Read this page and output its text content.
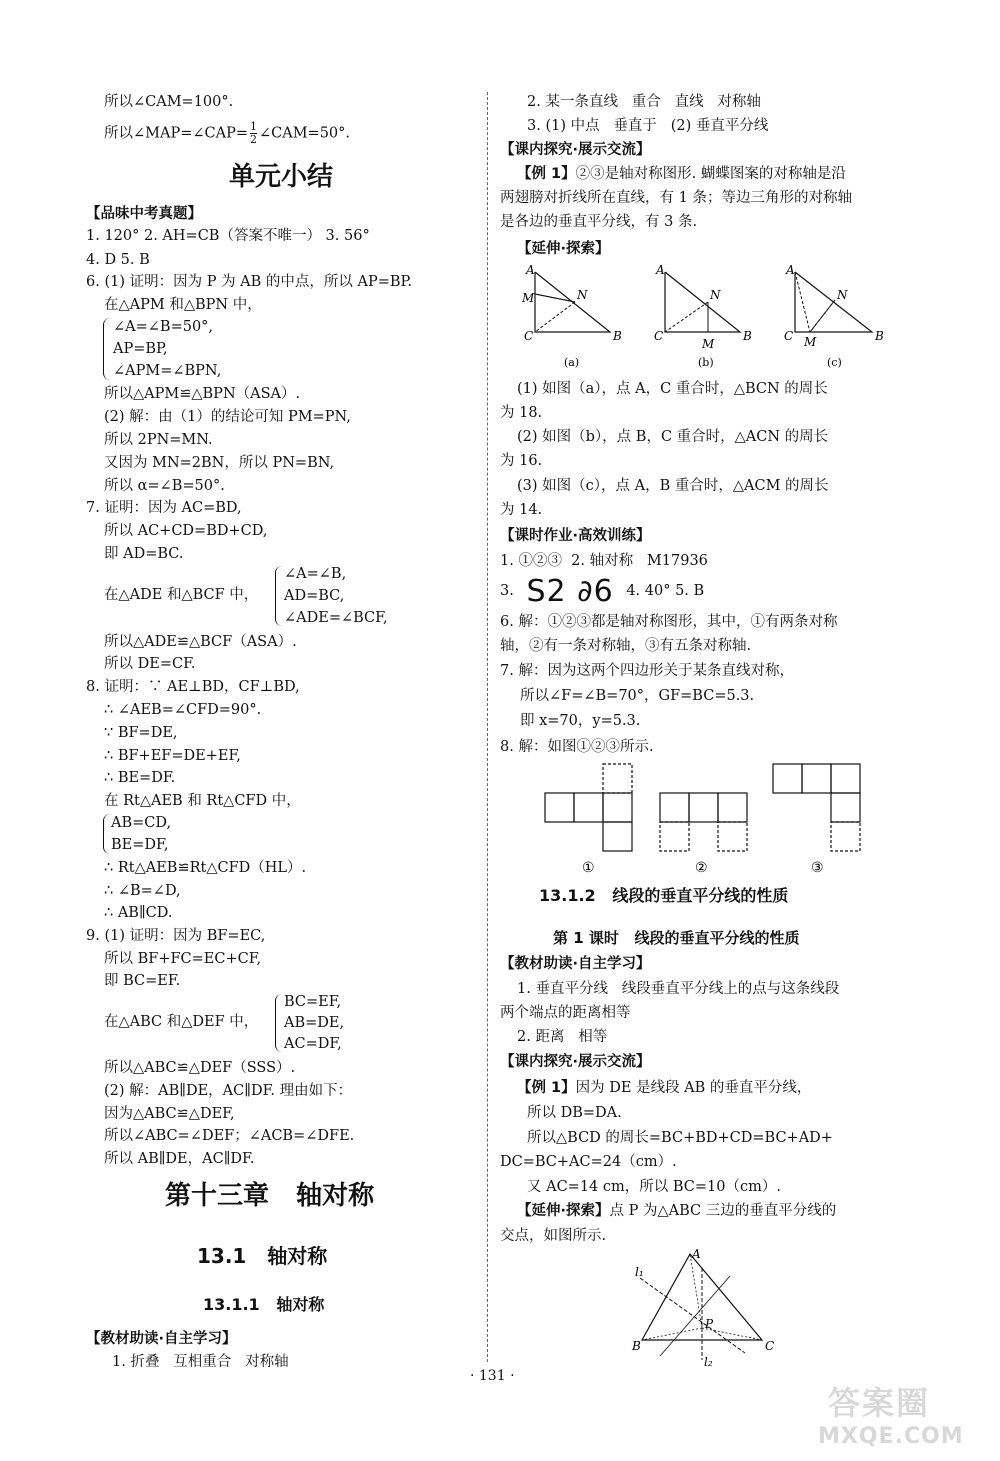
所以∠CAM=100°.
所以∠MAP=∠CAP= $\frac{1}{2}$ ∠CAM=50°.
单元小结
【品味中考真题】
1. 120° 2. AH=CB（答案不唯一） 3. 56°
4. D 5. B
6. (1) 证明：因为 P 为 AB 的中点，所以 AP=BP.
在△APM 和△BPN 中，
∠A=∠B=50°,
AP=BP,
∠APM=∠BPN,
所以△APM≌△BPN（ASA）.
(2) 解：由（1）的结论可知 PM=PN,
所以 2PN=MN.
又因为 MN=2BN，所以 PN=BN,
所以 α=∠B=50°.
7. 证明：因为 AC=BD,
所以 AC+CD=BD+CD,
即 AD=BC.
在△ADE 和△BCF 中，
∠A=∠B,
AD=BC,
∠ADE=∠BCF,
所以△ADE≌△BCF（ASA）.
所以 DE=CF.
8. 证明：∵ AE⊥BD，CF⊥BD,
∴ ∠AEB=∠CFD=90°.
∵ BF=DE,
∴ BF+EF=DE+EF,
∴ BE=DF.
在 Rt△AEB 和 Rt△CFD 中，
AB=CD,
BE=DF,
∴ Rt△AEB≌Rt△CFD（HL）.
∴ ∠B=∠D,
∴ AB∥CD.
9. (1) 证明：因为 BF=EC,
所以 BF+FC=EC+CF,
即 BC=EF.
在△ABC 和△DEF 中，
BC=EF,
AB=DE,
AC=DF,
所以△ABC≌△DEF（SSS）.
(2) 解：AB∥DE，AC∥DF. 理由如下：
因为△ABC≌△DEF,
所以∠ABC=∠DEF；∠ACB=∠DFE.
所以 AB∥DE，AC∥DF.
第十三章   轴对称
13.1   轴对称
13.1.1   轴对称
【教材助读·自主学习】
1. 折叠   互相重合   对称轴
2. 某一条直线   重合   直线   对称轴
3. (1) 中点   垂直于   (2) 垂直平分线
【课内探究·展示交流】
【例 1】②③是轴对称图形. 蝴蝶图案的对称轴是沿
两翅膀对折线所在直线，有 1 条；等边三角形的对称轴
是各边的垂直平分线，有 3 条.
【延伸·探索】
A
M	N
C	B
(a)
A
N
C
M
B
(b)
A
N
C M	B
(c)
(1) 如图（a），点 A，C 重合时，△BCN 的周长
为 18.
(2) 如图（b），点 B，C 重合时，△ACN 的周长
为 16.
(3) 如图（c），点 A，B 重合时，△ACM 的周长
为 14.
【课时作业·高效训练】
1. ①②③  2. 轴对称   M17936
3. S2 ∂6 4. 40° 5. B
6. 解：①②③都是轴对称图形，其中，①有两条对称
轴，②有一条对称轴，③有五条对称轴.
7. 解：因为这两个四边形关于某条直线对称，
所以∠F=∠B=70°，GF=BC=5.3.
即 x=70，y=5.3.
8. 解：如图①②③所示.
①	②	③
13.1.2   线段的垂直平分线的性质
第 1 课时   线段的垂直平分线的性质
【教材助读·自主学习】
1. 垂直平分线   线段垂直平分线上的点与这条线段
两个端点的距离相等
2. 距离   相等
【课内探究·展示交流】
【例 1】因为 DE 是线段 AB 的垂直平分线，
所以 DB=DA.
所以△BCD 的周长=BC+BD+CD=BC+AD+
DC=BC+AC=24（cm）.
又 AC=14 cm，所以 BC=10（cm）.
【延伸·探索】点 P 为△ABC 三边的垂直平分线的
交点，如图所示.
A
B	C
P
l₁
l₂
· 131 ·
答案圈
MXQE.COM
